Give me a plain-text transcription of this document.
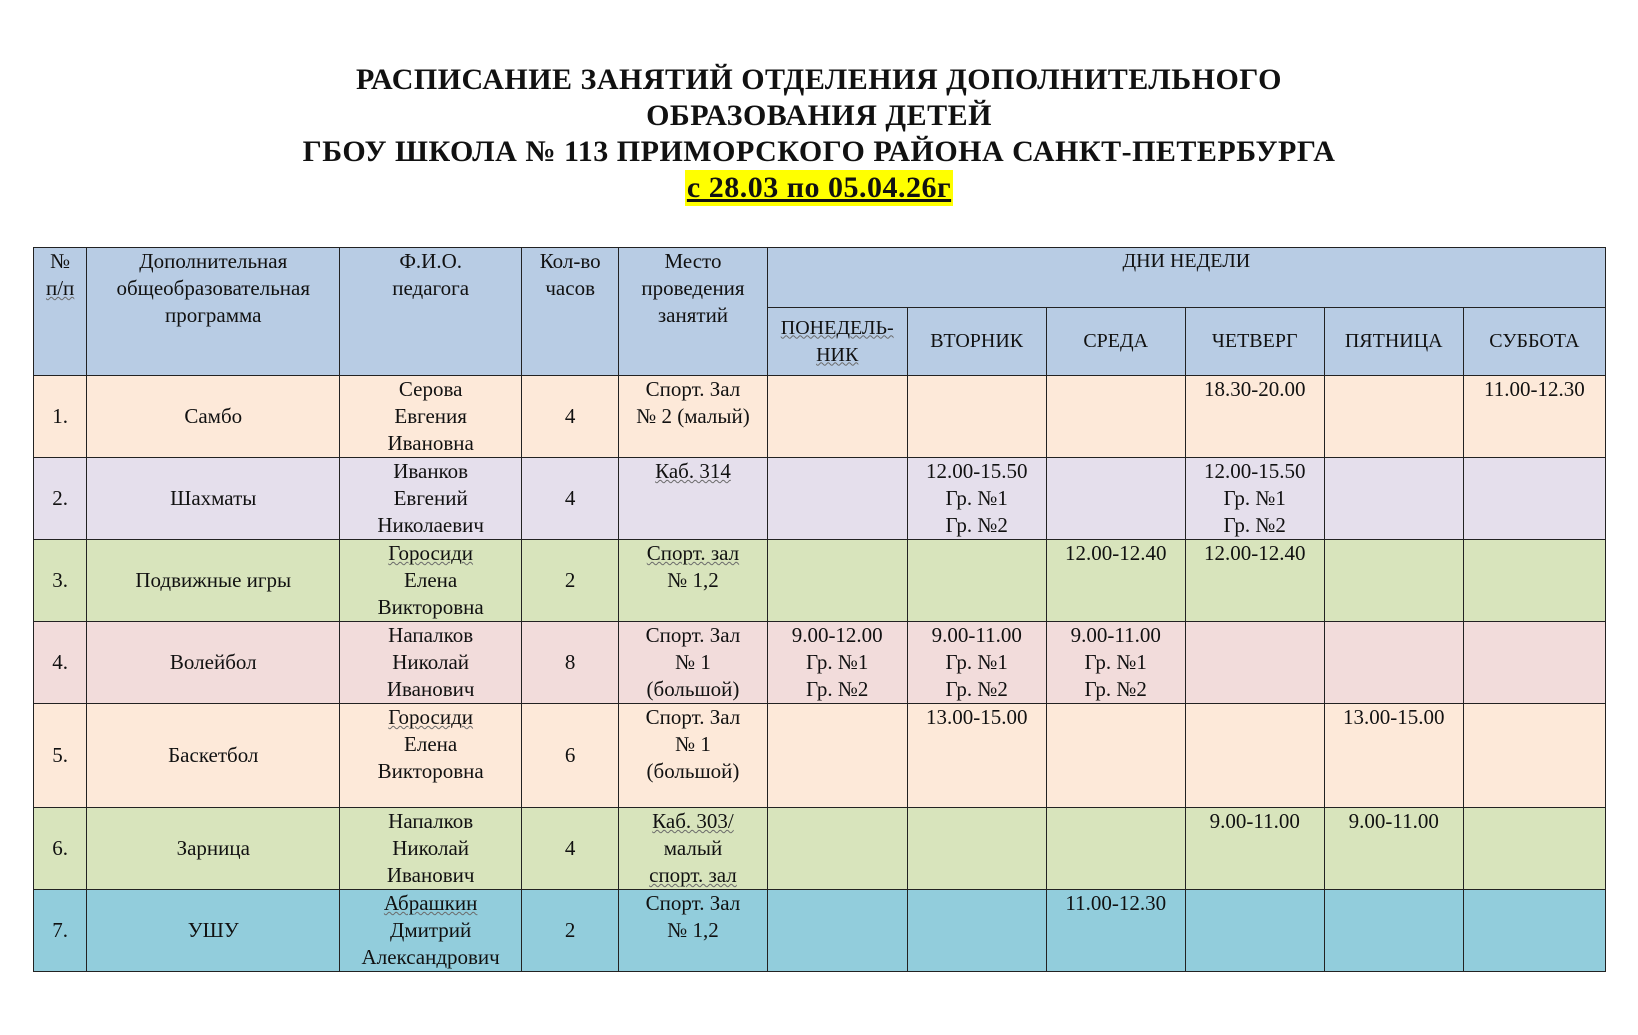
РАСПИСАНИЕ ЗАНЯТИЙ ОТДЕЛЕНИЯ ДОПОЛНИТЕЛЬНОГО
ОБРАЗОВАНИЯ ДЕТЕЙ
ГБОУ ШКОЛА № 113 ПРИМОРСКОГО РАЙОНА САНКТ-ПЕТЕРБУРГА
с 28.03 по 05.04.26г
№
п/п	Дополнительная
общеобразовательная
программа	Ф.И.О.
педагога	Кол-во
часов	Место
проведения
занятий	ДНИ НЕДЕЛИ					

					ПОНЕДЕЛЬ-
НИК	ВТОРНИК	СРЕДА	ЧЕТВЕРГ	ПЯТНИЦА	СУББОТА
1.	Самбо	Серова
Евгения
Ивановна	4	Спорт. Зал
№ 2 (малый)				18.30-20.00		11.00-12.30

2.	Шахматы	Иванков
Евгений
Николаевич	4	Каб. 314		12.00-15.50
Гр. №1
Гр. №2		12.00-15.50
Гр. №1
Гр. №2		

3.	Подвижные игры	Горосиди
Елена
Викторовна	2	Спорт. зал
№ 1,2			12.00-12.40	12.00-12.40		

4.	Волейбол	Напалков
Николай
Иванович	8	Спорт. Зал
№ 1
(большой)	9.00-12.00
Гр. №1
Гр. №2	9.00-11.00
Гр. №1
Гр. №2	9.00-11.00
Гр. №1
Гр. №2			

5.	Баскетбол	Горосиди
Елена
Викторовна	6	Спорт. Зал
№ 1
(большой)		13.00-15.00			13.00-15.00	

6.	Зарница	Напалков
Николай
Иванович	4	Каб. 303/
малый
спорт. зал				9.00-11.00	9.00-11.00	

7.	УШУ	Абрашкин
Дмитрий
Александрович	2	Спорт. Зал
№ 1,2			11.00-12.30			
